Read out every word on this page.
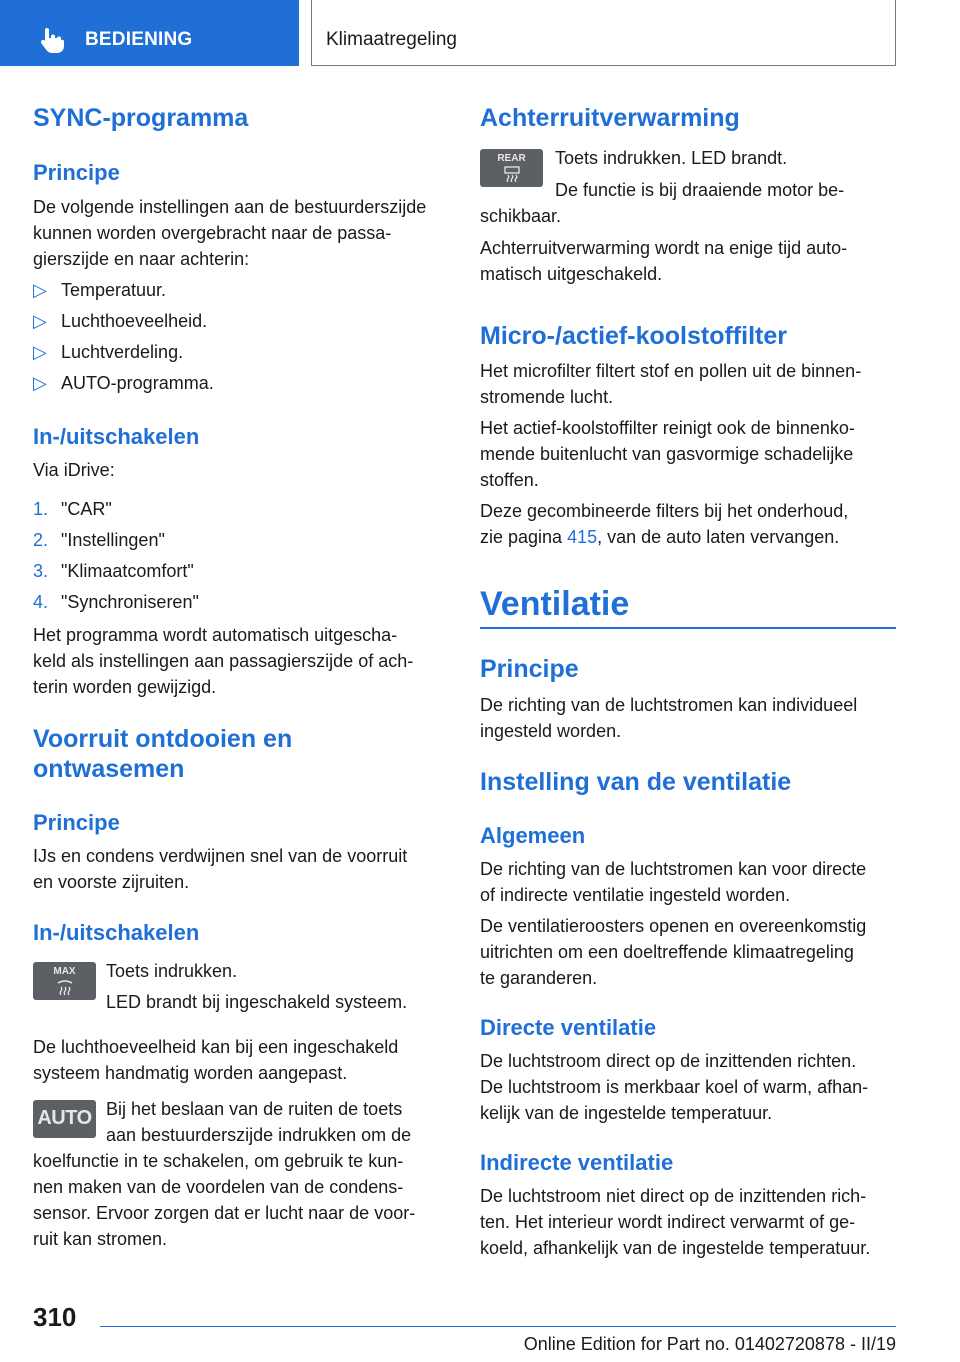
BEDIENING	Klimaatregeling
SYNC-programma
Principe
De volgende instellingen aan de bestuurderszijde
kunnen worden overgebracht naar de passa-
gierszijde en naar achterin:
▷ Temperatuur.
▷ Luchthoeveelheid.
▷ Luchtverdeling.
▷ AUTO-programma.
In-/uitschakelen
Via iDrive:
1. "CAR"
2. "Instellingen"
3. "Klimaatcomfort"
4. "Synchroniseren"
Het programma wordt automatisch uitgescha-
keld als instellingen aan passagierszijde of ach-
terin worden gewijzigd.
Voorruit ontdooien en
ontwasemen
Principe
IJs en condens verdwijnen snel van de voorruit
en voorste zijruiten.
In-/uitschakelen
MAX	Toets indrukken.
LED brandt bij ingeschakeld systeem.
De luchthoeveelheid kan bij een ingeschakeld
systeem handmatig worden aangepast.
AUTO Bij het beslaan van de ruiten de toets
aan bestuurderszijde indrukken om de
koelfunctie in te schakelen, om gebruik te kun-
nen maken van de voordelen van de condens-
sensor. Ervoor zorgen dat er lucht naar de voor-
ruit kan stromen.
Achterruitverwarming
REAR	Toets indrukken. LED brandt.
De functie is bij draaiende motor be-
schikbaar.
Achterruitverwarming wordt na enige tijd auto-
matisch uitgeschakeld.
Micro-/actief-koolstoffilter
Het microfilter filtert stof en pollen uit de binnen-
stromende lucht.
Het actief-koolstoffilter reinigt ook de binnenko-
mende buitenlucht van gasvormige schadelijke
stoffen.
Deze gecombineerde filters bij het onderhoud,
zie pagina 415, van de auto laten vervangen.
Ventilatie
Principe
De richting van de luchtstromen kan individueel
ingesteld worden.
Instelling van de ventilatie
Algemeen
De richting van de luchtstromen kan voor directe
of indirecte ventilatie ingesteld worden.
De ventilatieroosters openen en overeenkomstig
uitrichten om een doeltreffende klimaatregeling
te garanderen.
Directe ventilatie
De luchtstroom direct op de inzittenden richten.
De luchtstroom is merkbaar koel of warm, afhan-
kelijk van de ingestelde temperatuur.
Indirecte ventilatie
De luchtstroom niet direct op de inzittenden rich-
ten. Het interieur wordt indirect verwarmt of ge-
koeld, afhankelijk van de ingestelde temperatuur.
310
Online Edition for Part no. 01402720878 - II/19
